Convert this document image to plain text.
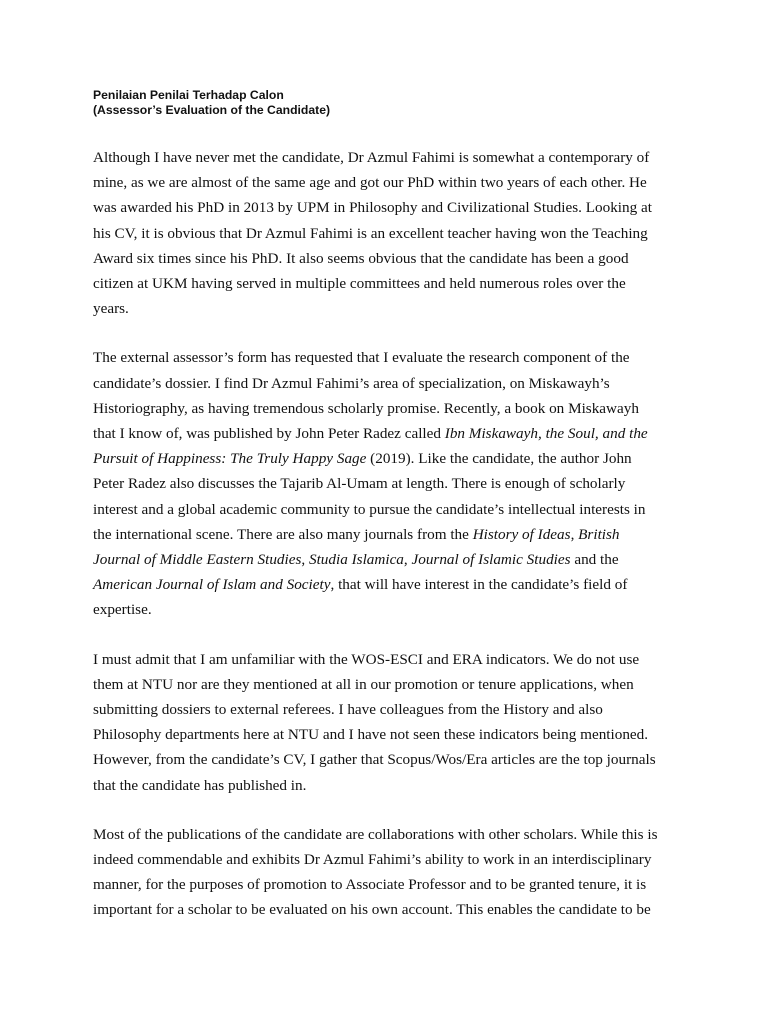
Penilaian Penilai Terhadap Calon
(Assessor’s Evaluation of the Candidate)
Although I have never met the candidate, Dr Azmul Fahimi is somewhat a contemporary of
mine, as we are almost of the same age and got our PhD within two years of each other. He
was awarded his PhD in 2013 by UPM in Philosophy and Civilizational Studies. Looking at
his CV, it is obvious that Dr Azmul Fahimi is an excellent teacher having won the Teaching
Award six times since his PhD. It also seems obvious that the candidate has been a good
citizen at UKM having served in multiple committees and held numerous roles over the
years.
The external assessor’s form has requested that I evaluate the research component of the
candidate’s dossier. I find Dr Azmul Fahimi’s area of specialization, on Miskawayh’s
Historiography, as having tremendous scholarly promise. Recently, a book on Miskawayh
that I know of, was published by John Peter Radez called Ibn Miskawayh, the Soul, and the
Pursuit of Happiness: The Truly Happy Sage (2019). Like the candidate, the author John
Peter Radez also discusses the Tajarib Al-Umam at length. There is enough of scholarly
interest and a global academic community to pursue the candidate’s intellectual interests in
the international scene. There are also many journals from the History of Ideas, British
Journal of Middle Eastern Studies, Studia Islamica, Journal of Islamic Studies and the
American Journal of Islam and Society, that will have interest in the candidate’s field of
expertise.
I must admit that I am unfamiliar with the WOS-ESCI and ERA indicators. We do not use
them at NTU nor are they mentioned at all in our promotion or tenure applications, when
submitting dossiers to external referees. I have colleagues from the History and also
Philosophy departments here at NTU and I have not seen these indicators being mentioned.
However, from the candidate’s CV, I gather that Scopus/Wos/Era articles are the top journals
that the candidate has published in.
Most of the publications of the candidate are collaborations with other scholars. While this is
indeed commendable and exhibits Dr Azmul Fahimi’s ability to work in an interdisciplinary
manner, for the purposes of promotion to Associate Professor and to be granted tenure, it is
important for a scholar to be evaluated on his own account. This enables the candidate to be
